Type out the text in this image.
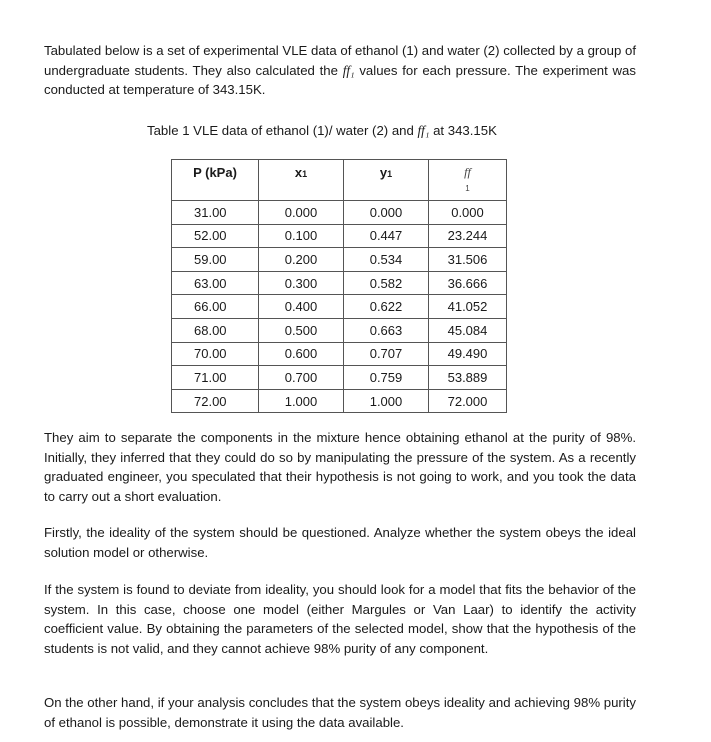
Tabulated below is a set of experimental VLE data of ethanol (1) and water (2) collected by a group of undergraduate students. They also calculated the ff₁ values for each pressure. The experiment was conducted at temperature of 343.15K.

Table 1 VLE data of ethanol (1)/ water (2) and ff₁ at 343.15K

P (kPa)	x1	y1	ff
1

31.00	0.000	0.000	0.000
52.00	0.100	0.447	23.244
59.00	0.200	0.534	31.506
63.00	0.300	0.582	36.666
66.00	0.400	0.622	41.052
68.00	0.500	0.663	45.084
70.00	0.600	0.707	49.490
71.00	0.700	0.759	53.889
72.00	1.000	1.000	72.000

They aim to separate the components in the mixture hence obtaining ethanol at the purity of 98%. Initially, they inferred that they could do so by manipulating the pressure of the system. As a recently graduated engineer, you speculated that their hypothesis is not going to work, and you took the data to carry out a short evaluation.

Firstly, the ideality of the system should be questioned. Analyze whether the system obeys the ideal solution model or otherwise.

If the system is found to deviate from ideality, you should look for a model that fits the behavior of the system. In this case, choose one model (either Margules or Van Laar) to identify the activity coefficient value. By obtaining the parameters of the selected model, show that the hypothesis of the students is not valid, and they cannot achieve 98% purity of any component.

On the other hand, if your analysis concludes that the system obeys ideality and achieving 98% purity of ethanol is possible, demonstrate it using the data available.
